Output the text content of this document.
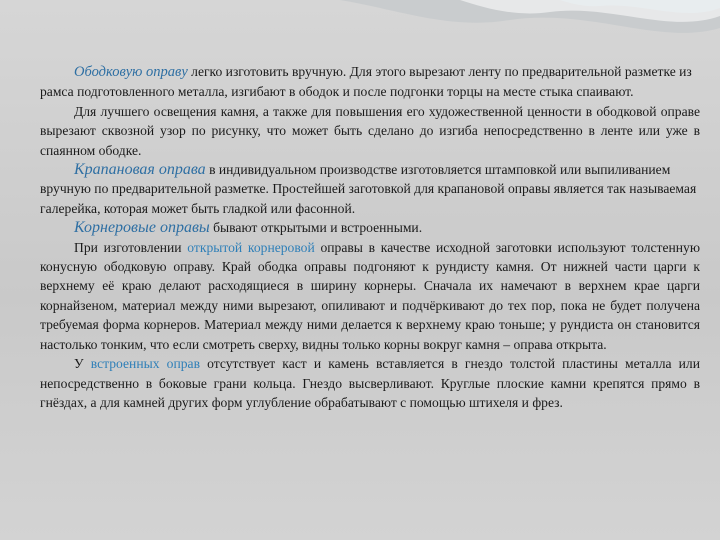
Ободковую оправу легко изготовить вручную. Для этого вырезают ленту по предварительной разметке из рамса подготовленного металла, изгибают в ободок и после подгонки торцы на месте стыка спаивают.

Для лучшего освещения камня, а также для повышения его художественной ценности в ободковой оправе вырезают сквозной узор по рисунку, что может быть сделано до изгиба непосредственно в ленте или уже в спаянном ободке.

Крапановая оправа в индивидуальном производстве изготовляется штамповкой или выпиливанием вручную по предварительной разметке. Простейшей заготовкой для крапановой оправы является так называемая галерейка, которая может быть гладкой или фасонной.

Корнеровые оправы бывают открытыми и встроенными.

При изготовлении открытой корнеровой оправы в качестве исходной заготовки используют толстенную конусную ободковую оправу. Край ободка оправы подгоняют к рундисту камня. От нижней части царги к верхнему её краю делают расходящиеся в ширину корнеры. Сначала их намечают в верхнем крае царги корнайзеном, материал между ними вырезают, опиливают и подчёркивают до тех пор, пока не будет получена требуемая форма корнеров. Материал между ними делается к верхнему краю тоньше; у рундиста он становится настолько тонким, что если смотреть сверху, видны только корны вокруг камня – оправа открыта.

У встроенных оправ отсутствует каст и камень вставляется в гнездо толстой пластины металла или непосредственно в боковые грани кольца. Гнездо высверливают. Круглые плоские камни крепятся прямо в гнёздах, а для камней других форм углубление обрабатывают с помощью штихеля и фрез.
